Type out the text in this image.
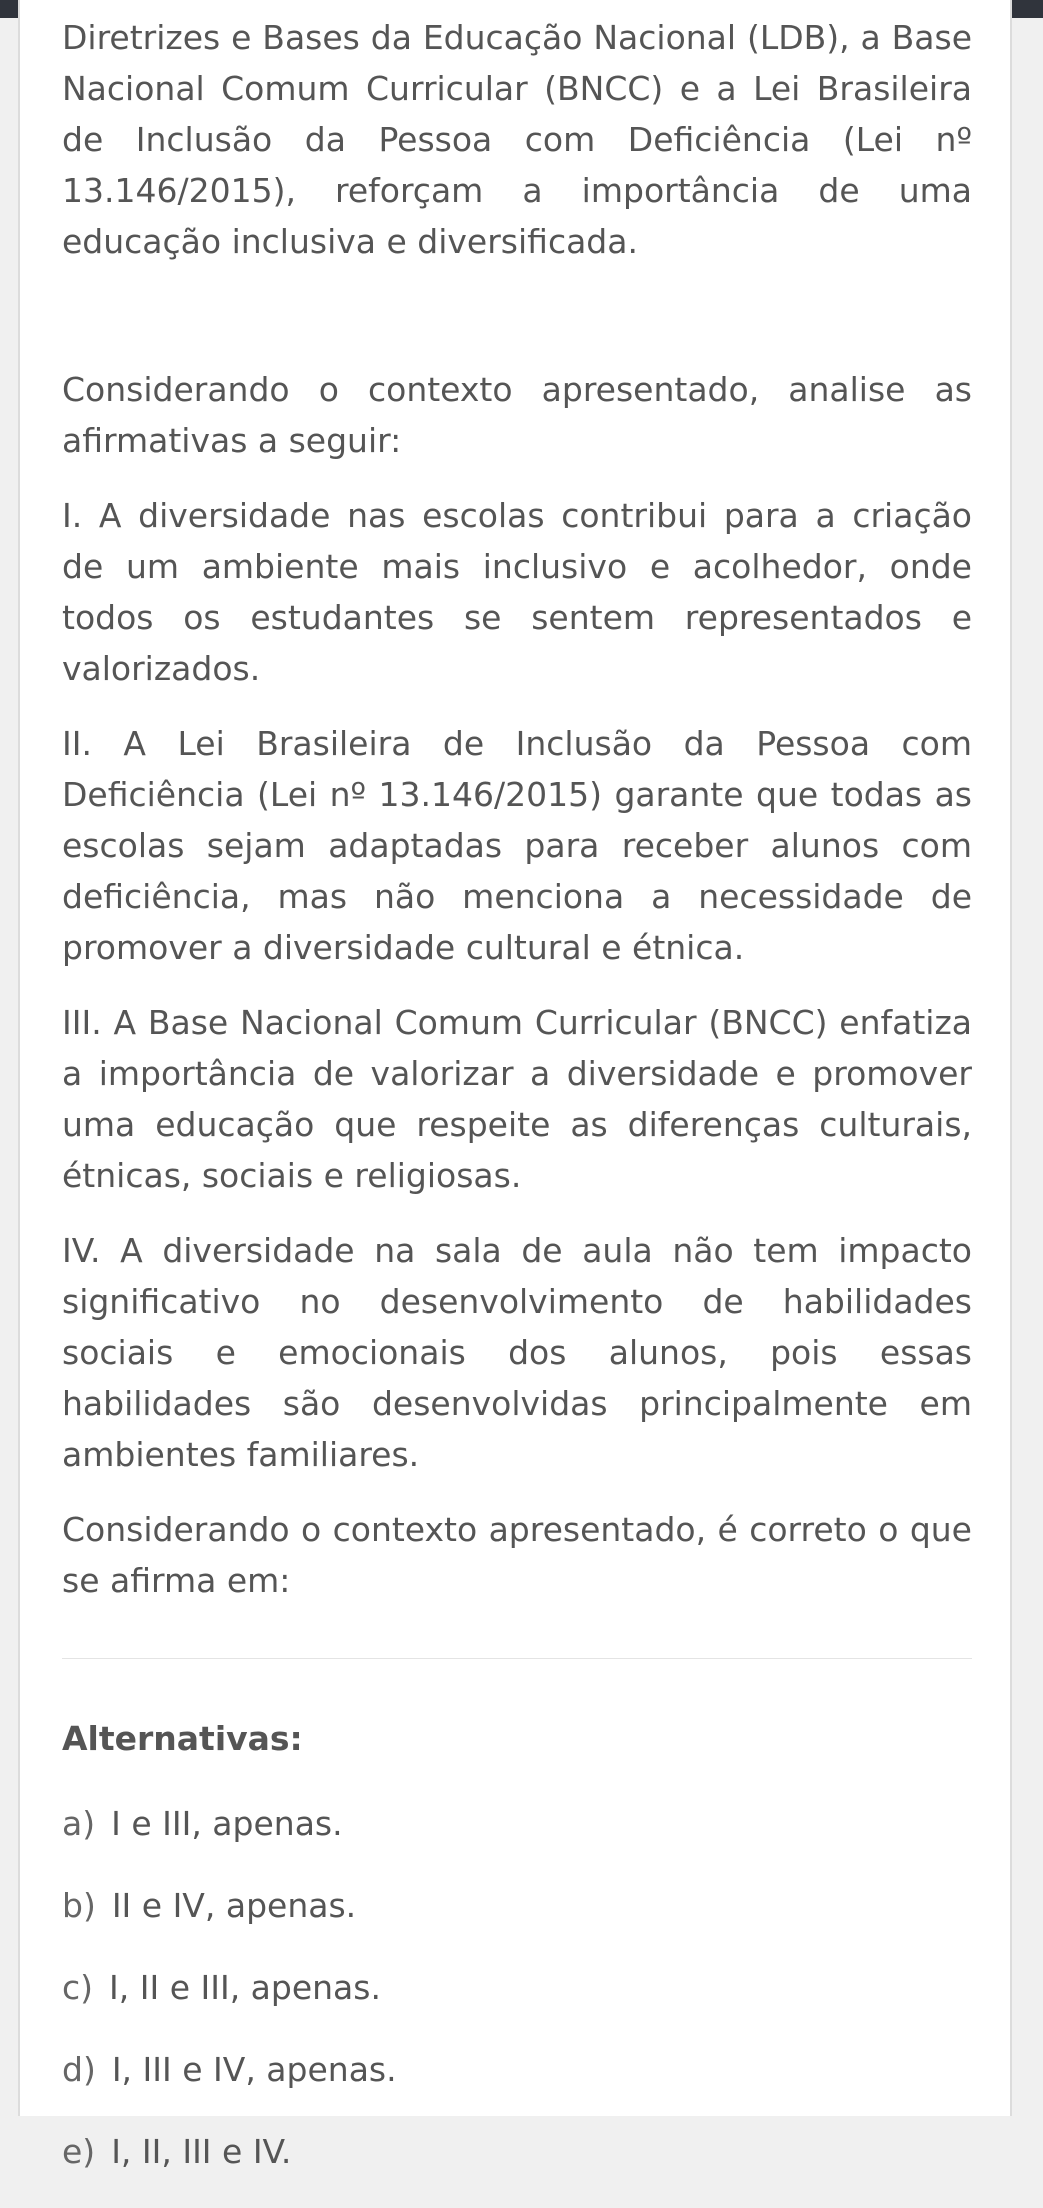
Diretrizes e Bases da Educação Nacional (LDB), a Base Nacional Comum Curricular (BNCC) e a Lei Brasileira de Inclusão da Pessoa com Deficiência (Lei nº 13.146/2015), reforçam a importância de uma educação inclusiva e diversificada.

Considerando o contexto apresentado, analise as afirmativas a seguir:

I. A diversidade nas escolas contribui para a criação de um ambiente mais inclusivo e acolhedor, onde todos os estudantes se sentem representados e valorizados.

II. A Lei Brasileira de Inclusão da Pessoa com Deficiência (Lei nº 13.146/2015) garante que todas as escolas sejam adaptadas para receber alunos com deficiência, mas não menciona a necessidade de promover a diversidade cultural e étnica.

III. A Base Nacional Comum Curricular (BNCC) enfatiza a importância de valorizar a diversidade e promover uma educação que respeite as diferenças culturais, étnicas, sociais e religiosas.

IV. A diversidade na sala de aula não tem impacto significativo no desenvolvimento de habilidades sociais e emocionais dos alunos, pois essas habilidades são desenvolvidas principalmente em ambientes familiares.

Considerando o contexto apresentado, é correto o que se afirma em:

Alternativas:
a) I e III, apenas.
b) II e IV, apenas.
c) I, II e III, apenas.
d) I, III e IV, apenas.
e) I, II, III e IV.
